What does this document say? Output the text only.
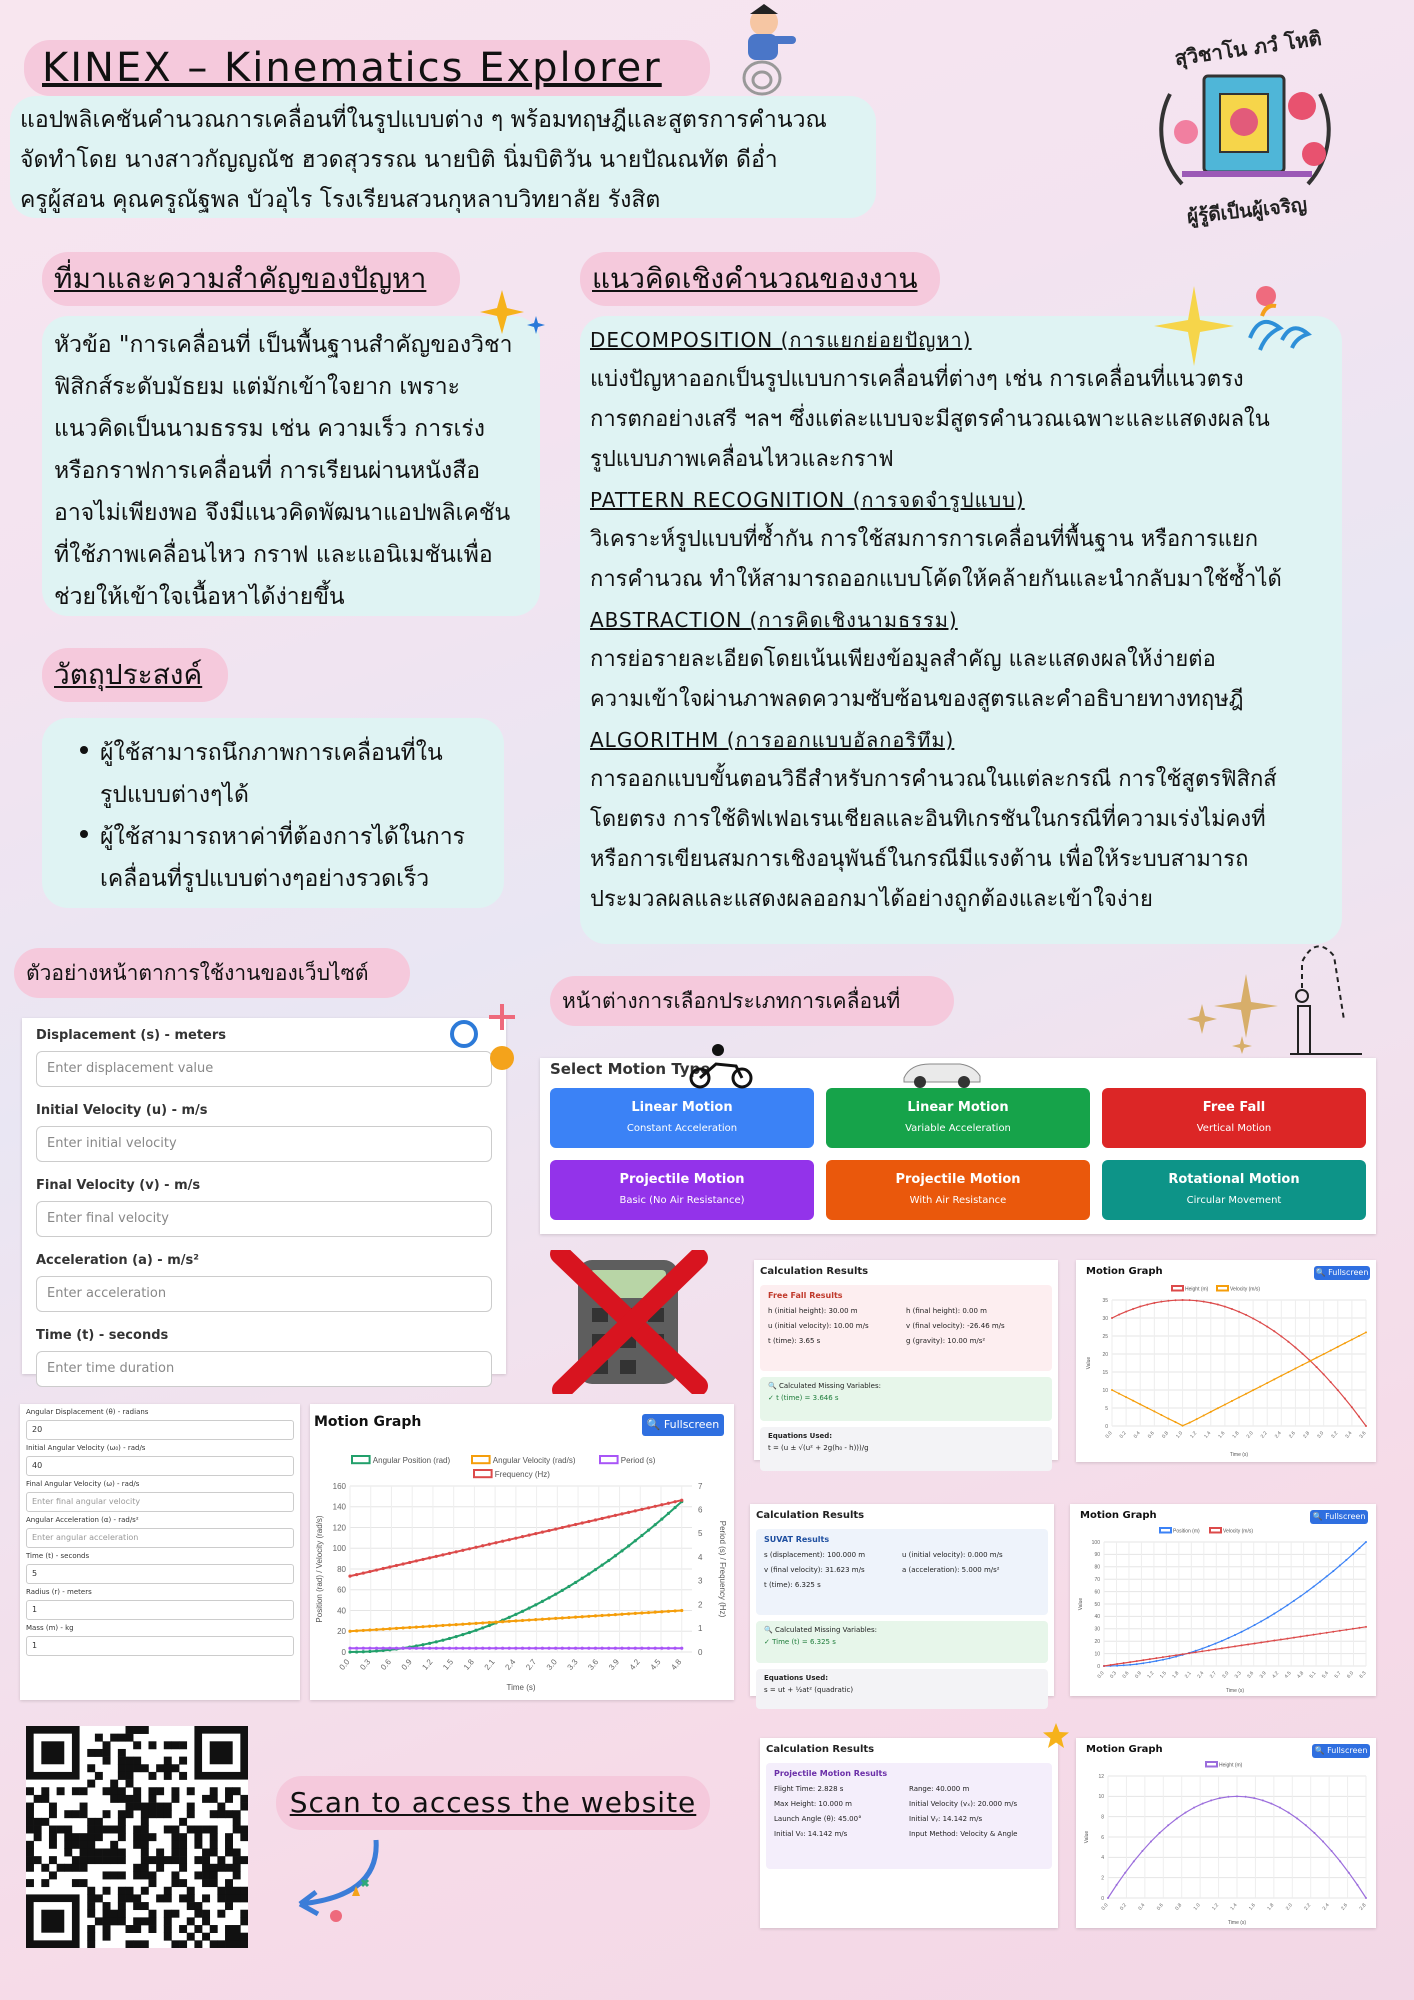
KINEX – Kinematics Explorer
แอปพลิเคชันคำนวณการเคลื่อนที่ในรูปแบบต่าง ๆ พร้อมทฤษฎีและสูตรการคำนวณ
จัดทำโดย นางสาวกัญญณัช ฮวดสุวรรณ นายบิติ นิ่มบิติวัน นายปัณณทัต ดีอ่ำ
ครูผู้สอน คุณครูณัฐพล บัวอุไร โรงเรียนสวนกุหลาบวิทยาลัย รังสิต
สุวิชาโน ภวํ โหติ
ผู้รู้ดีเป็นผู้เจริญ
ที่มาและความสำคัญของปัญหา
หัวข้อ "การเคลื่อนที่ เป็นพื้นฐานสำคัญของวิชา
ฟิสิกส์ระดับมัธยม แต่มักเข้าใจยาก เพราะ
แนวคิดเป็นนามธรรม เช่น ความเร็ว การเร่ง
หรือกราฟการเคลื่อนที่ การเรียนผ่านหนังสือ
อาจไม่เพียงพอ จึงมีแนวคิดพัฒนาแอปพลิเคชัน
ที่ใช้ภาพเคลื่อนไหว กราฟ และแอนิเมชันเพื่อ
ช่วยให้เข้าใจเนื้อหาได้ง่ายขึ้น
วัตถุประสงค์
ผู้ใช้สามารถนึกภาพการเคลื่อนที่ใน
รูปแบบต่างๆได้
ผู้ใช้สามารถหาค่าที่ต้องการได้ในการ
เคลื่อนที่รูปแบบต่างๆอย่างรวดเร็ว
แนวคิดเชิงคำนวณของงาน
DECOMPOSITION (การแยกย่อยปัญหา)
แบ่งปัญหาออกเป็นรูปแบบการเคลื่อนที่ต่างๆ เช่น การเคลื่อนที่แนวตรง
การตกอย่างเสรี ฯลฯ ซึ่งแต่ละแบบจะมีสูตรคำนวณเฉพาะและแสดงผลใน
รูปแบบภาพเคลื่อนไหวและกราฟ
PATTERN RECOGNITION (การจดจำรูปแบบ)
วิเคราะห์รูปแบบที่ซ้ำกัน การใช้สมการการเคลื่อนที่พื้นฐาน หรือการแยก
การคำนวณ ทำให้สามารถออกแบบโค้ดให้คล้ายกันและนำกลับมาใช้ซ้ำได้
ABSTRACTION (การคิดเชิงนามธรรม)
การย่อรายละเอียดโดยเน้นเพียงข้อมูลสำคัญ และแสดงผลให้ง่ายต่อ
ความเข้าใจผ่านภาพลดความซับซ้อนของสูตรและคำอธิบายทางทฤษฎี
ALGORITHM (การออกแบบอัลกอริทึม)
การออกแบบขั้นตอนวิธีสำหรับการคำนวณในแต่ละกรณี การใช้สูตรฟิสิกส์
โดยตรง การใช้ดิฟเฟอเรนเชียลและอินทิเกรชันในกรณีที่ความเร่งไม่คงที่
หรือการเขียนสมการเชิงอนุพันธ์ในกรณีมีแรงต้าน เพื่อให้ระบบสามารถ
ประมวลผลและแสดงผลออกมาได้อย่างถูกต้องและเข้าใจง่าย
ตัวอย่างหน้าตาการใช้งานของเว็บไซต์
หน้าต่างการเลือกประเภทการเคลื่อนที่
Displacement (s) - meters
Enter displacement value
Initial Velocity (u) - m/s
Enter initial velocity
Final Velocity (v) - m/s
Enter final velocity
Acceleration (a) - m/s²
Enter acceleration
Time (t) - seconds
Enter time duration
Select Motion Type
Linear Motion
Constant Acceleration
Linear Motion
Variable Acceleration
Free Fall
Vertical Motion
Projectile Motion
Basic (No Air Resistance)
Projectile Motion
With Air Resistance
Rotational Motion
Circular Movement
Calculation Results
Free Fall Results
h (initial height): 30.00 m	h (final height): 0.00 m
u (initial velocity): 10.00 m/s	v (final velocity): -26.46 m/s
t (time): 3.65 s	g (gravity): 10.00 m/s²
🔍 Calculated Missing Variables:
✓ t (time) = 3.646 s
Equations Used:
t = (u ± √(u² + 2g(h₀ - h)))/g
Motion Graph	🔍 Fullscreen
Height (m)	Velocity (m/s)
0
5
10
15
20
25
30
35
0.0 0.2 0.4 0.6 0.8 1.0 1.2 1.4 1.6 1.8 2.0 2.2 2.4 2.6 2.8 3.0 3.2 3.4 3.6
Time (s)
Value
Angular Displacement (θ) - radians
20
Initial Angular Velocity (ω₀) - rad/s
40
Final Angular Velocity (ω) - rad/s
Enter final angular velocity
Angular Acceleration (α) - rad/s²
Enter angular acceleration
Time (t) - seconds
5
Radius (r) - meters
1
Mass (m) - kg
1
Motion Graph	🔍 Fullscreen
Angular Position (rad)	Angular Velocity (rad/s)	Period (s)
Frequency (Hz)
0
20
40
60
80
100
120
140
160
0.0 0.3 0.6 0.9 1.2 1.5 1.8 2.1 2.4 2.7 3.0 3.3 3.6 3.9 4.2 4.5 4.8
0
1
2
3
4
5
6
7
Period (s) / Frequency (Hz)
Time (s)
Position (rad) / Velocity (rad/s)	Calculation Results
SUVAT Results
s (displacement): 100.000 m	u (initial velocity): 0.000 m/s
v (final velocity): 31.623 m/s	a (acceleration): 5.000 m/s²
t (time): 6.325 s
🔍 Calculated Missing Variables:
✓ Time (t) = 6.325 s
Equations Used:
s = ut + ½at² (quadratic)
Motion Graph	🔍 Fullscreen
Position (m)	Velocity (m/s)
0
10
20
30
40
50
60
70
80
90
100
0.0 0.3 0.6 0.9 1.2 1.5 1.8 2.1 2.4 2.7 3.0 3.3 3.6 3.9 4.2 4.5 4.8 5.1 5.4 5.7 6.0 6.3
Time (s)
Value
Calculation Results
Projectile Motion Results
Flight Time: 2.828 s	Range: 40.000 m
Max Height: 10.000 m	Initial Velocity (vₓ): 20.000 m/s
Launch Angle (θ): 45.00°	Initial Vᵧ: 14.142 m/s
Initial V₀: 14.142 m/s	Input Method: Velocity & Angle
Motion Graph	🔍 Fullscreen
Height (m)
0
2
4
6
8
10
12
0.0 0.2 0.4 0.6 0.8 1.0 1.2 1.4 1.6 1.8 2.0 2.2 2.4 2.6 2.8
Time (s)
Value
Scan to access the website
